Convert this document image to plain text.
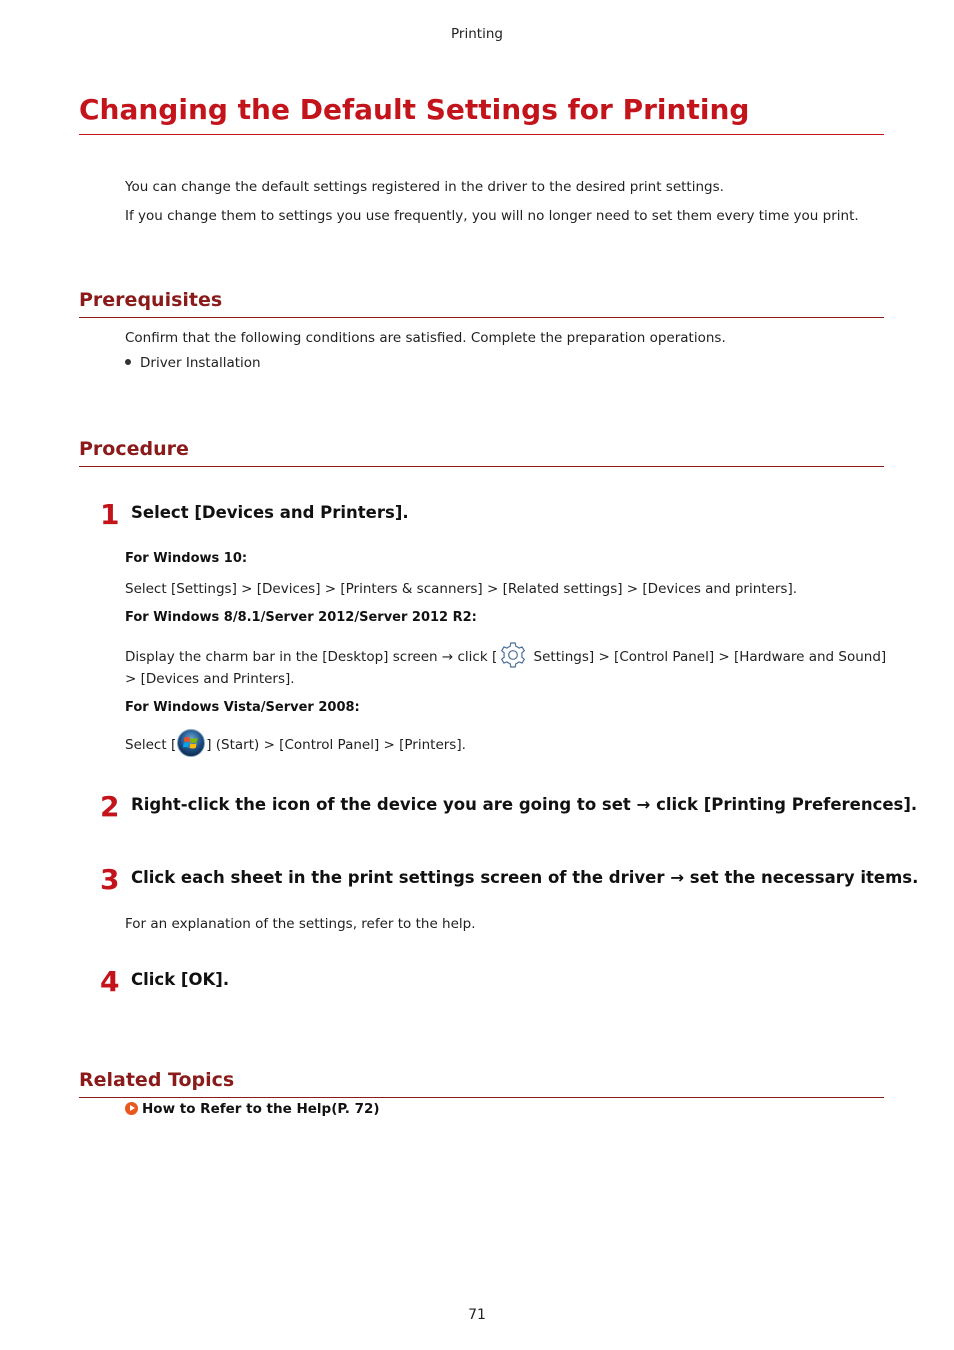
Printing
Changing the Default Settings for Printing
You can change the default settings registered in the driver to the desired print settings.
If you change them to settings you use frequently, you will no longer need to set them every time you print.
Prerequisites
Confirm that the following conditions are satisfied. Complete the preparation operations.
Driver Installation
Procedure
1 Select [Devices and Printers].
For Windows 10:
Select [Settings] > [Devices] > [Printers & scanners] > [Related settings] > [Devices and printers].
For Windows 8/8.1/Server 2012/Server 2012 R2:
Display the charm bar in the [Desktop] screen → click [ Settings] > [Control Panel] > [Hardware and Sound]
> [Devices and Printers].
For Windows Vista/Server 2008:
Select [ ] (Start) > [Control Panel] > [Printers].
2 Right-click the icon of the device you are going to set → click [Printing Preferences].
3 Click each sheet in the print settings screen of the driver → set the necessary items.
For an explanation of the settings, refer to the help.
4 Click [OK].
Related Topics
How to Refer to the Help(P. 72)
71
